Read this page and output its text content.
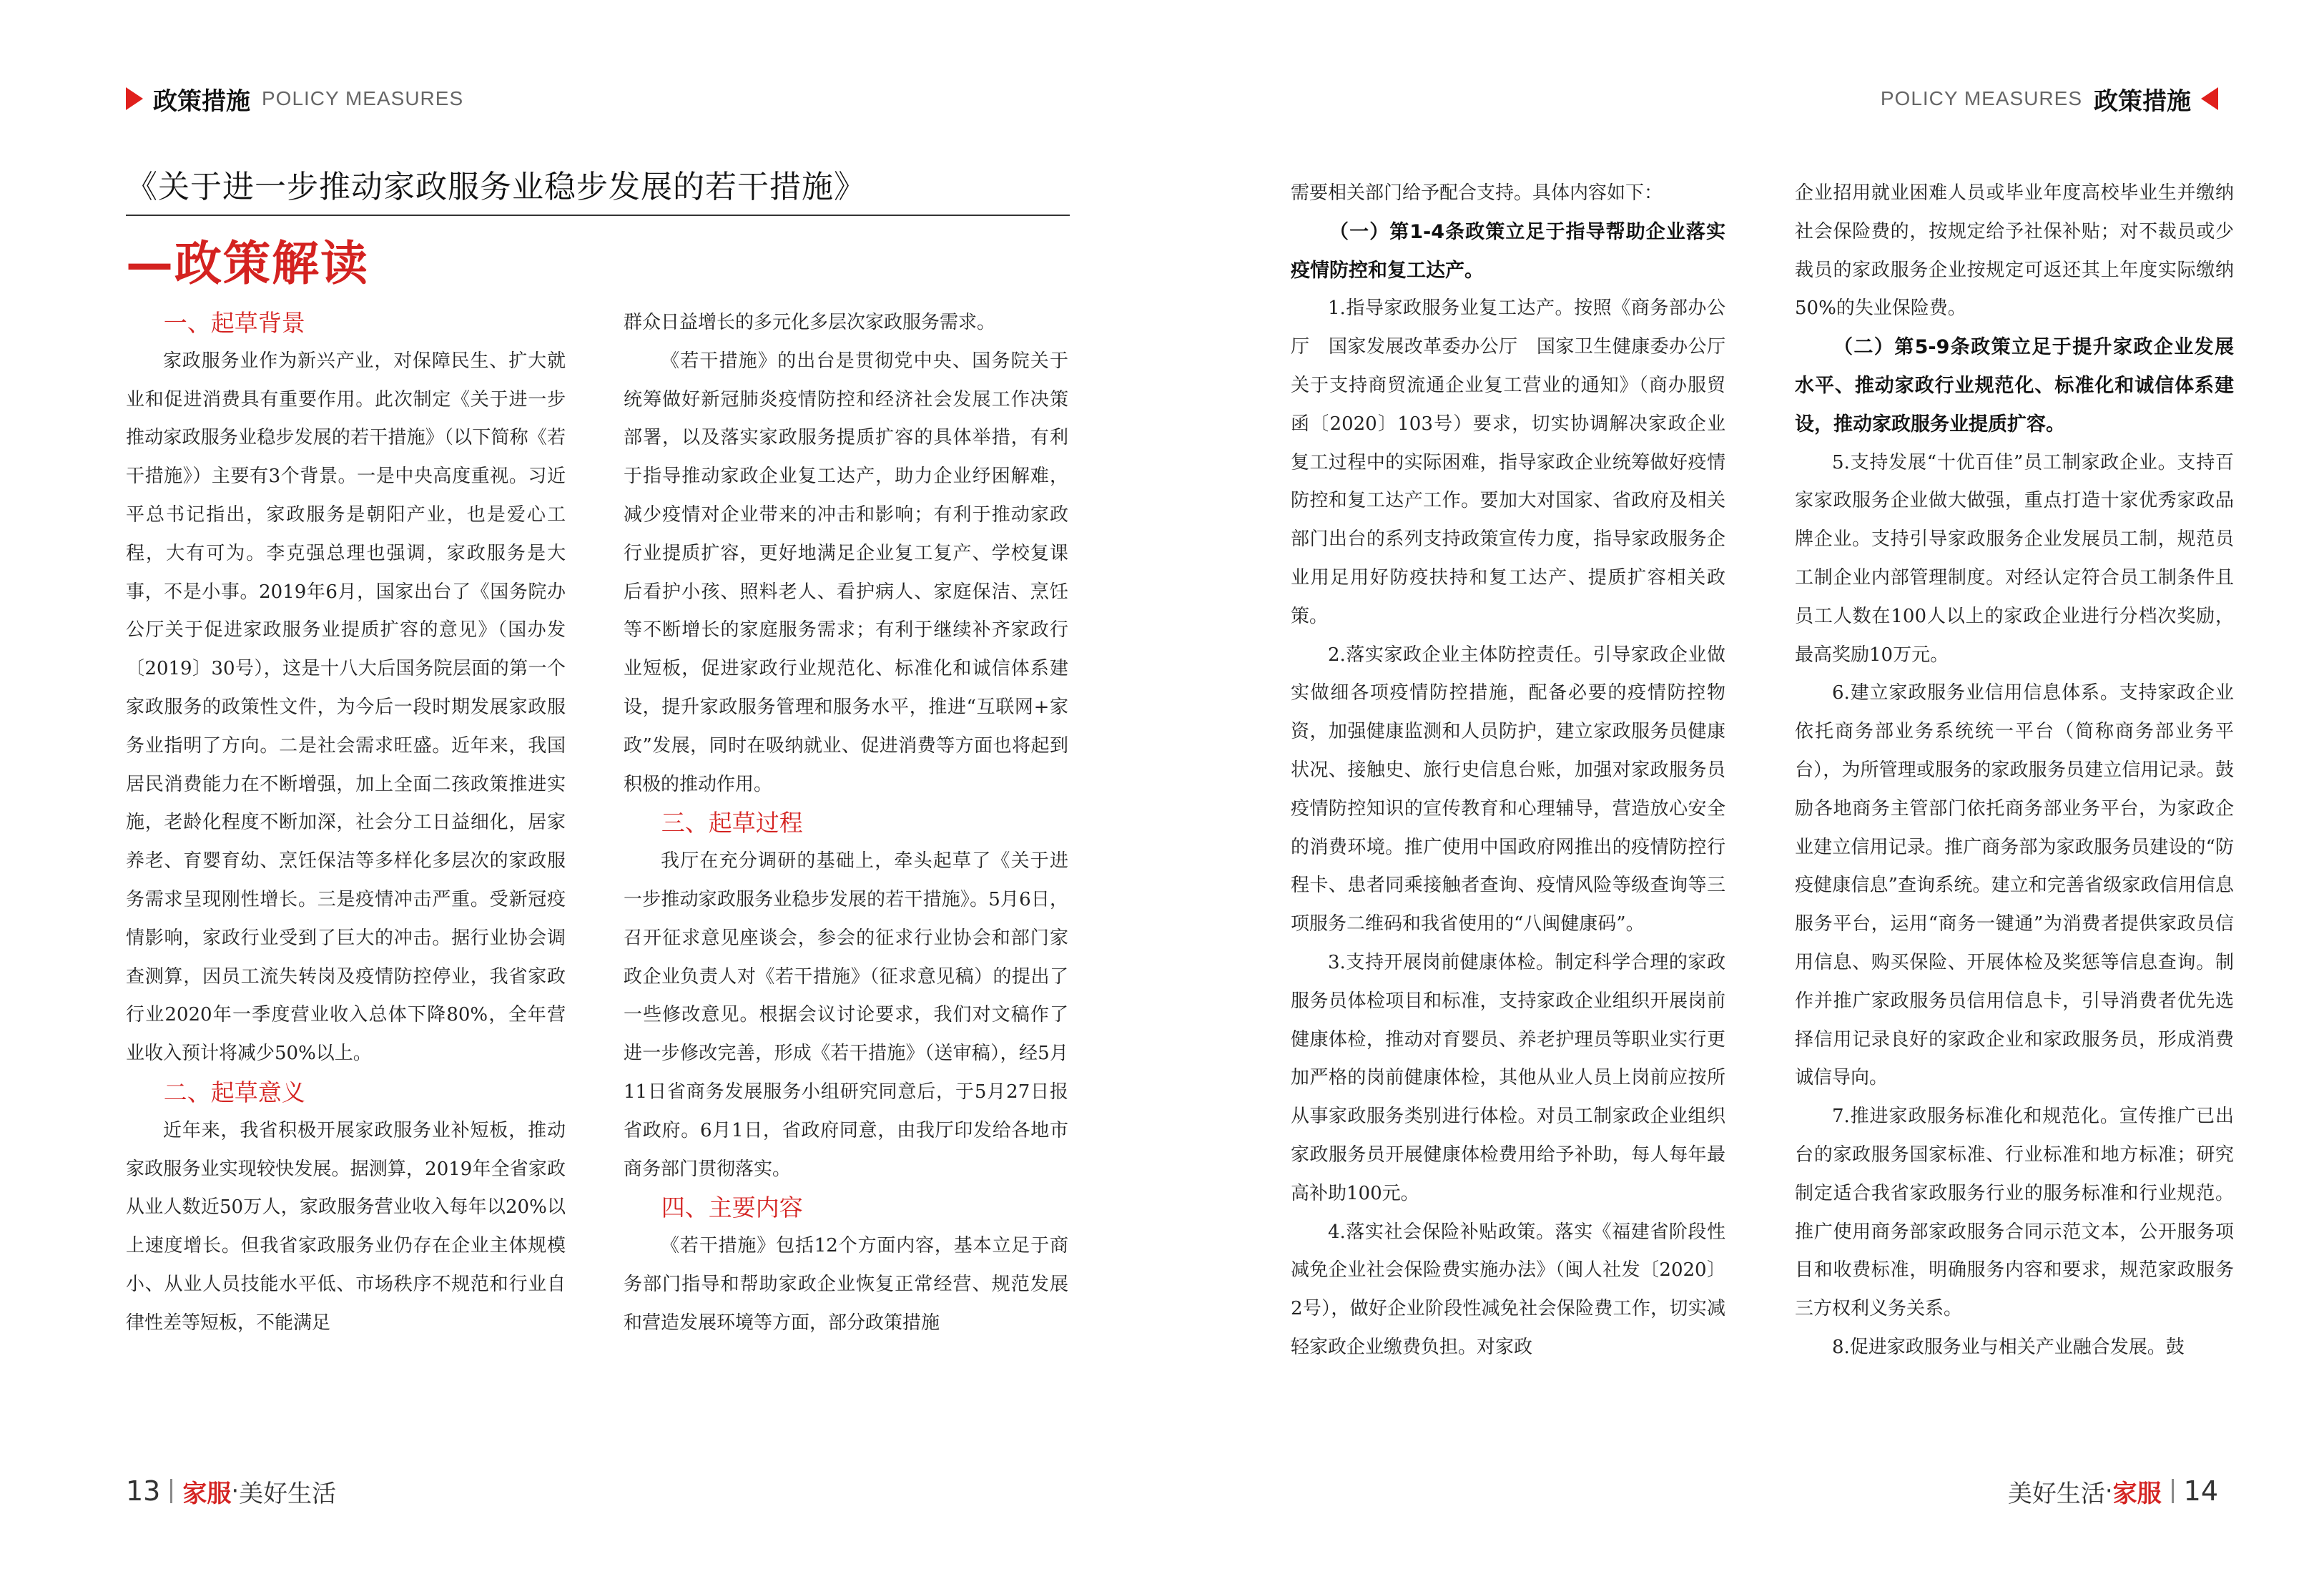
政策措施 POLICY MEASURES	POLICY MEASURES 政策措施
《关于进一步推动家政服务业稳步发展的若干措施》
—政策解读
一、起草背景

家政服务业作为新兴产业，对保障民生、扩大就业和促进消费具有重要作用。此次制定《关于进一步推动家政服务业稳步发展的若干措施》（以下简称《若干措施》）主要有3个背景。一是中央高度重视。习近平总书记指出，家政服务是朝阳产业，也是爱心工程，大有可为。李克强总理也强调，家政服务是大事，不是小事。2019年6月，国家出台了《国务院办公厅关于促进家政服务业提质扩容的意见》（国办发〔2019〕30号），这是十八大后国务院层面的第一个家政服务的政策性文件，为今后一段时期发展家政服务业指明了方向。二是社会需求旺盛。近年来，我国居民消费能力在不断增强，加上全面二孩政策推进实施，老龄化程度不断加深，社会分工日益细化，居家养老、育婴育幼、烹饪保洁等多样化多层次的家政服务需求呈现刚性增长。三是疫情冲击严重。受新冠疫情影响，家政行业受到了巨大的冲击。据行业协会调查测算，因员工流失转岗及疫情防控停业，我省家政行业2020年一季度营业收入总体下降80%，全年营业收入预计将减少50%以上。

二、起草意义

近年来，我省积极开展家政服务业补短板，推动家政服务业实现较快发展。据测算，2019年全省家政从业人数近50万人，家政服务营业收入每年以20%以上速度增长。但我省家政服务业仍存在企业主体规模小、从业人员技能水平低、市场秩序不规范和行业自律性差等短板，不能满足

群众日益增长的多元化多层次家政服务需求。

《若干措施》的出台是贯彻党中央、国务院关于统筹做好新冠肺炎疫情防控和经济社会发展工作决策部署，以及落实家政服务提质扩容的具体举措，有利于指导推动家政企业复工达产，助力企业纾困解难，减少疫情对企业带来的冲击和影响；有利于推动家政行业提质扩容，更好地满足企业复工复产、学校复课后看护小孩、照料老人、看护病人、家庭保洁、烹饪等不断增长的家庭服务需求；有利于继续补齐家政行业短板，促进家政行业规范化、标准化和诚信体系建设，提升家政服务管理和服务水平，推进“互联网+家政”发展，同时在吸纳就业、促进消费等方面也将起到积极的推动作用。

三、起草过程

我厅在充分调研的基础上，牵头起草了《关于进一步推动家政服务业稳步发展的若干措施》。5月6日，召开征求意见座谈会，参会的征求行业协会和部门家政企业负责人对《若干措施》（征求意见稿）的提出了一些修改意见。根据会议讨论要求，我们对文稿作了进一步修改完善，形成《若干措施》（送审稿），经5月11日省商务发展服务小组研究同意后，于5月27日报省政府。6月1日，省政府同意，由我厅印发给各地市商务部门贯彻落实。

四、主要内容

《若干措施》包括12个方面内容，基本立足于商务部门指导和帮助家政企业恢复正常经营、规范发展和营造发展环境等方面，部分政策措施

需要相关部门给予配合支持。具体内容如下：

（一）第1-4条政策立足于指导帮助企业落实疫情防控和复工达产。

1.指导家政服务业复工达产。按照《商务部办公厅　国家发展改革委办公厅　国家卫生健康委办公厅关于支持商贸流通企业复工营业的通知》（商办服贸函〔2020〕103号）要求，切实协调解决家政企业复工过程中的实际困难，指导家政企业统筹做好疫情防控和复工达产工作。要加大对国家、省政府及相关部门出台的系列支持政策宣传力度，指导家政服务企业用足用好防疫扶持和复工达产、提质扩容相关政策。

2.落实家政企业主体防控责任。引导家政企业做实做细各项疫情防控措施，配备必要的疫情防控物资，加强健康监测和人员防护，建立家政服务员健康状况、接触史、旅行史信息台账，加强对家政服务员疫情防控知识的宣传教育和心理辅导，营造放心安全的消费环境。推广使用中国政府网推出的疫情防控行程卡、患者同乘接触者查询、疫情风险等级查询等三项服务二维码和我省使用的“八闽健康码”。

3.支持开展岗前健康体检。制定科学合理的家政服务员体检项目和标准，支持家政企业组织开展岗前健康体检，推动对育婴员、养老护理员等职业实行更加严格的岗前健康体检，其他从业人员上岗前应按所从事家政服务类别进行体检。对员工制家政企业组织家政服务员开展健康体检费用给予补助，每人每年最高补助100元。

4.落实社会保险补贴政策。落实《福建省阶段性减免企业社会保险费实施办法》（闽人社发〔2020〕2号），做好企业阶段性减免社会保险费工作，切实减轻家政企业缴费负担。对家政

企业招用就业困难人员或毕业年度高校毕业生并缴纳社会保险费的，按规定给予社保补贴；对不裁员或少裁员的家政服务企业按规定可返还其上年度实际缴纳50%的失业保险费。

（二）第5-9条政策立足于提升家政企业发展水平、推动家政行业规范化、标准化和诚信体系建设，推动家政服务业提质扩容。

5.支持发展“十优百佳”员工制家政企业。支持百家家政服务企业做大做强，重点打造十家优秀家政品牌企业。支持引导家政服务企业发展员工制，规范员工制企业内部管理制度。对经认定符合员工制条件且员工人数在100人以上的家政企业进行分档次奖励，最高奖励10万元。

6.建立家政服务业信用信息体系。支持家政企业依托商务部业务系统统一平台（简称商务部业务平台），为所管理或服务的家政服务员建立信用记录。鼓励各地商务主管部门依托商务部业务平台，为家政企业建立信用记录。推广商务部为家政服务员建设的“防疫健康信息”查询系统。建立和完善省级家政信用信息服务平台，运用“商务一键通”为消费者提供家政员信用信息、购买保险、开展体检及奖惩等信息查询。制作并推广家政服务员信用信息卡，引导消费者优先选择信用记录良好的家政企业和家政服务员，形成消费诚信导向。

7.推进家政服务标准化和规范化。宣传推广已出台的家政服务国家标准、行业标准和地方标准；研究制定适合我省家政服务行业的服务标准和行业规范。推广使用商务部家政服务合同示范文本，公开服务项目和收费标准，明确服务内容和要求，规范家政服务三方权利义务关系。

8.促进家政服务业与相关产业融合发展。鼓

13 家服 · 美好生活	美好生活 · 家服 14
